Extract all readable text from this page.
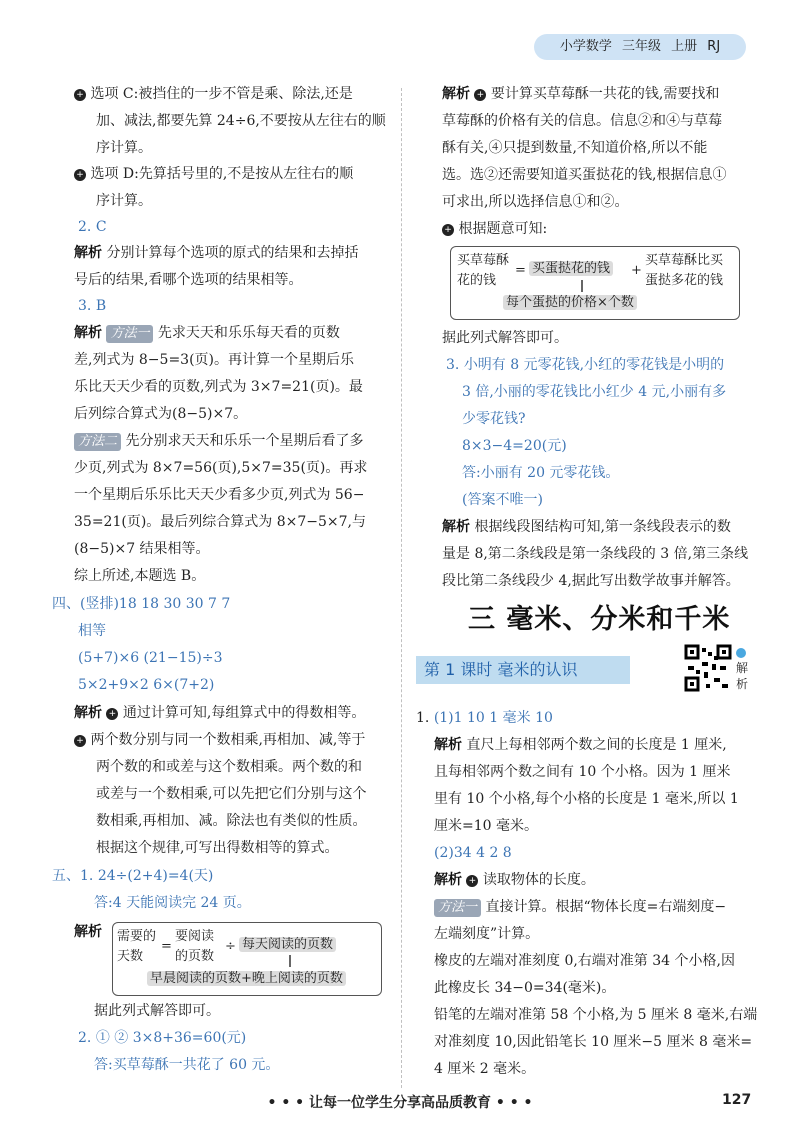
小学数学 三年级 上册 RJ
+ 选项 C:被挡住的一步不管是乘、除法,还是
加、减法,都要先算 24÷6,不要按从左往右的顺
序计算。
+ 选项 D:先算括号里的,不是按从左往右的顺
序计算。
2. C
解析 分别计算每个选项的原式的结果和去掉括
号后的结果,看哪个选项的结果相等。
3. B
解析 方法一 先求天天和乐乐每天看的页数
差,列式为 8−5=3(页)。再计算一个星期后乐
乐比天天少看的页数,列式为 3×7=21(页)。最
后列综合算式为(8−5)×7。
方法二 先分别求天天和乐乐一个星期后看了多
少页,列式为 8×7=56(页),5×7=35(页)。再求
一个星期后乐乐比天天少看多少页,列式为 56−
35=21(页)。最后列综合算式为 8×7−5×7,与
(8−5)×7 结果相等。
综上所述,本题选 B。
四、(竖排)18 18 30 30 7 7
相等
(5+7)×6 (21−15)÷3
5×2+9×2 6×(7+2)
解析 + 通过计算可知,每组算式中的得数相等。
+ 两个数分别与同一个数相乘,再相加、减,等于
两个数的和或差与这个数相乘。两个数的和
或差与一个数相乘,可以先把它们分别与这个
数相乘,再相加、减。除法也有类似的性质。
根据这个规律,可写出得数相等的算式。
五、1. 24÷(2+4)=4(天)
答:4 天能阅读完 24 页。
解析 需要的
天数
=
要阅读
的页数
÷ 每天阅读的页数
早晨阅读的页数+晚上阅读的页数
据此列式解答即可。
2. ① ② 3×8+36=60(元)
答:买草莓酥一共花了 60 元。
解析 + 要计算买草莓酥一共花的钱,需要找和
草莓酥的价格有关的信息。信息②和④与草莓
酥有关,④只提到数量,不知道价格,所以不能
选。选②还需要知道买蛋挞花的钱,根据信息①
可求出,所以选择信息①和②。
+ 根据题意可知:
买草莓酥
花的钱
= 买蛋挞花的钱 +
买草莓酥比买
蛋挞多花的钱
每个蛋挞的价格×个数
据此列式解答即可。
3. 小明有 8 元零花钱,小红的零花钱是小明的
3 倍,小丽的零花钱比小红少 4 元,小丽有多
少零花钱?
8×3−4=20(元)
答:小丽有 20 元零花钱。
(答案不唯一)
解析 根据线段图结构可知,第一条线段表示的数
量是 8,第二条线段是第一条线段的 3 倍,第三条线
段比第二条线段少 4,据此写出数学故事并解答。
三 毫米、分米和千米
第 1 课时 毫米的认识	解析
1. (1)1 10 1 毫米 10
解析 直尺上每相邻两个数之间的长度是 1 厘米,
且每相邻两个数之间有 10 个小格。因为 1 厘米
里有 10 个小格,每个小格的长度是 1 毫米,所以 1
厘米=10 毫米。
(2)34 4 2 8
解析 + 读取物体的长度。
方法一 直接计算。根据“物体长度=右端刻度−
左端刻度”计算。
橡皮的左端对准刻度 0,右端对准第 34 个小格,因
此橡皮长 34−0=34(毫米)。
铅笔的左端对准第 58 个小格,为 5 厘米 8 毫米,右端
对准刻度 10,因此铅笔长 10 厘米−5 厘米 8 毫米=
4 厘米 2 毫米。
• • • 让每一位学生分享高品质教育 • • •	127
